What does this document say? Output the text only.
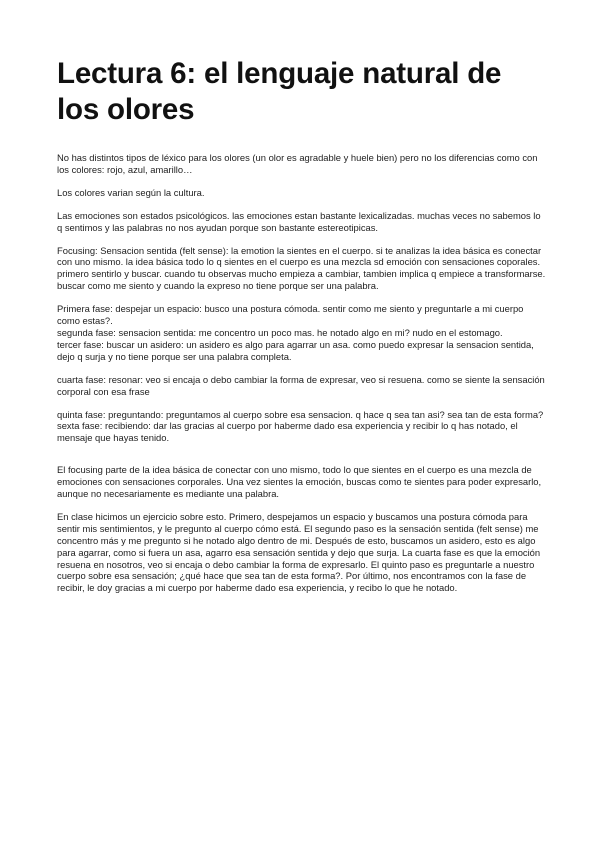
Lectura 6: el lenguaje natural de los olores

No has distintos tipos de léxico para los olores (un olor es agradable y huele bien) pero no los diferencias como con los colores: rojo, azul, amarillo…

Los colores varian según la cultura.

Las emociones son estados psicológicos. las emociones estan bastante lexicalizadas. muchas veces no sabemos lo q sentimos y las palabras no nos ayudan porque son bastante estereotipicas.

Focusing: Sensacion sentida (felt sense): la emotion la sientes en el cuerpo. si te analizas la idea básica es conectar con uno mismo. la idea básica todo lo q sientes en el cuerpo es una mezcla sd emoción con sensaciones coporales. primero sentirlo y buscar. cuando tu observas mucho empieza a cambiar, tambien implica q empiece a transformarse. buscar como me siento y cuando la expreso no tiene porque ser una palabra.

Primera fase: despejar un espacio: busco una postura cómoda. sentir como me siento y preguntarle a mi cuerpo como estas?.
segunda fase: sensacion sentida: me concentro un poco mas. he notado algo en mi? nudo en el estomago.
tercer fase: buscar un asidero: un asidero es algo para agarrar un asa. como puedo expresar la sensacion sentida, dejo q surja y no tiene porque ser una palabra completa.

cuarta fase: resonar: veo si encaja o debo cambiar la forma de expresar, veo si resuena. como se siente la sensación corporal con esa frase

quinta fase: preguntando: preguntamos al cuerpo sobre esa sensacion. q hace q sea tan asi? sea tan de esta forma?
sexta fase: recibiendo: dar las gracias al cuerpo por haberme dado esa experiencia y recibir lo q has notado, el mensaje que hayas tenido.

El focusing parte de la idea básica de conectar con uno mismo, todo lo que sientes en el cuerpo es una mezcla de emociones con sensaciones corporales. Una vez sientes la emoción, buscas como te sientes para poder expresarlo, aunque no necesariamente es mediante una palabra.

En clase hicimos un ejercicio sobre esto. Primero, despejamos un espacio y buscamos una postura cómoda para sentir mis sentimientos, y le pregunto al cuerpo cómo está. El segundo paso es la sensación sentida (felt sense) me concentro más y me pregunto si he notado algo dentro de mi. Después de esto, buscamos un asidero, esto es algo para agarrar, como si fuera un asa, agarro esa sensación sentida y dejo que surja. La cuarta fase es que la emoción resuena en nosotros, veo si encaja o debo cambiar la forma de expresarlo. El quinto paso es preguntarle a nuestro cuerpo sobre esa sensación; ¿qué hace que sea tan de esta forma?. Por último, nos encontramos con la fase de recibir, le doy gracias a mi cuerpo por haberme dado esa experiencia, y recibo lo que he notado.
